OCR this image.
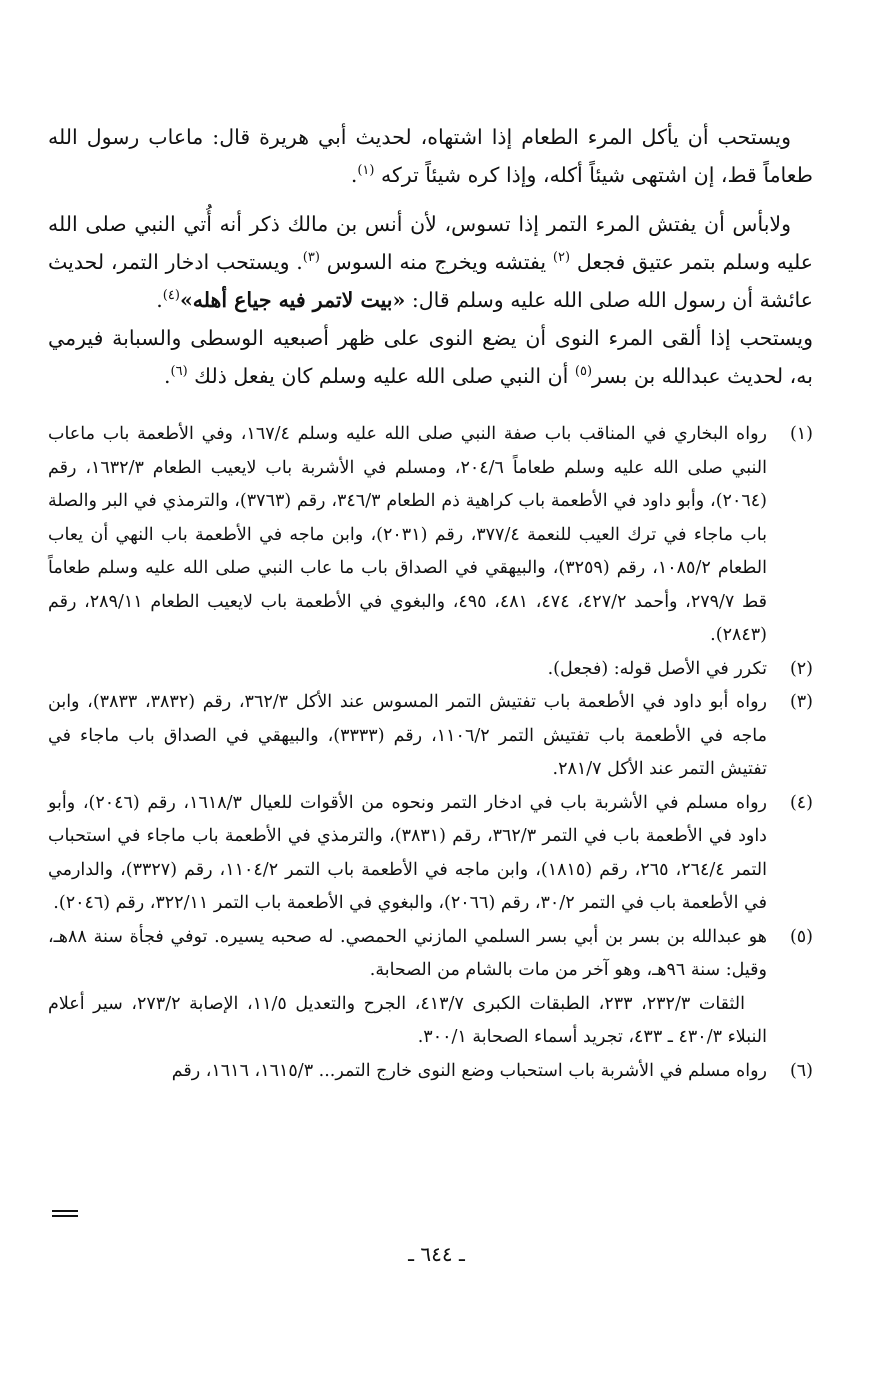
ويستحب أن يأكل المرء الطعام إذا اشتهاه، لحديث أبي هريرة قال: ماعاب رسول الله طعاماً قط، إن اشتهى شيئاً أكله، وإذا كره شيئاً تركه $^{(١)}$.

ولابأس أن يفتش المرء التمر إذا تسوس، لأن أنس بن مالك ذكر أنه أُتي النبي صلى الله عليه وسلم بتمر عتيق فجعل $^{(٢)}$ يفتشه ويخرج منه السوس $^{(٣)}$. ويستحب ادخار التمر، لحديث عائشة أن رسول الله صلى الله عليه وسلم قال: «بيت لاتمر فيه جياع أهله»$^{(٤)}$.
ويستحب إذا ألقى المرء النوى أن يضع النوى على ظهر أصبعيه الوسطى والسبابة فيرمي به، لحديث عبدالله بن بسر$^{(٥)}$ أن النبي صلى الله عليه وسلم كان يفعل ذلك $^{(٦)}$.

(١)
رواه البخاري في المناقب باب صفة النبي صلى الله عليه وسلم ١٦٧/٤، وفي الأطعمة باب ماعاب النبي صلى الله عليه وسلم طعاماً ٢٠٤/٦، ومسلم في الأشربة باب لايعيب الطعام ١٦٣٢/٣، رقم (٢٠٦٤)، وأبو داود في الأطعمة باب كراهية ذم الطعام ٣٤٦/٣، رقم (٣٧٦٣)، والترمذي في البر والصلة باب ماجاء في ترك العيب للنعمة ٣٧٧/٤، رقم (٢٠٣١)، وابن ماجه في الأطعمة باب النهي أن يعاب الطعام ١٠٨٥/٢، رقم (٣٢٥٩)، والبيهقي في الصداق باب ما عاب النبي صلى الله عليه وسلم طعاماً قط ٢٧٩/٧، وأحمد ٤٢٧/٢، ٤٧٤، ٤٨١، ٤٩٥، والبغوي في الأطعمة باب لايعيب الطعام ٢٨٩/١١، رقم (٢٨٤٣).
(٢)
تكرر في الأصل قوله: (فجعل).
(٣)
رواه أبو داود في الأطعمة باب تفتيش التمر المسوس عند الأكل ٣٦٢/٣، رقم (٣٨٣٢، ٣٨٣٣)، وابن ماجه في الأطعمة باب تفتيش التمر ١١٠٦/٢، رقم (٣٣٣٣)، والبيهقي في الصداق باب ماجاء في تفتيش التمر عند الأكل ٢٨١/٧.
(٤)
رواه مسلم في الأشربة باب في ادخار التمر ونحوه من الأقوات للعيال ١٦١٨/٣، رقم (٢٠٤٦)، وأبو داود في الأطعمة باب في التمر ٣٦٢/٣، رقم (٣٨٣١)، والترمذي في الأطعمة باب ماجاء في استحباب التمر ٢٦٤/٤، ٢٦٥، رقم (١٨١٥)، وابن ماجه في الأطعمة باب التمر ١١٠٤/٢، رقم (٣٣٢٧)، والدارمي في الأطعمة باب في التمر ٣٠/٢، رقم (٢٠٦٦)، والبغوي في الأطعمة باب التمر ٣٢٢/١١، رقم (٢٠٤٦).
(٥)
هو عبدالله بن بسر بن أبي بسر السلمي المازني الحمصي. له صحبه يسيره. توفي فجأة سنة ٨٨هـ، وقيل: سنة ٩٦هـ، وهو آخر من مات بالشام من الصحابة.
الثقات ٢٣٢/٣، ٢٣٣، الطبقات الكبرى ٤١٣/٧، الجرح والتعديل ١١/٥، الإصابة ٢٧٣/٢، سير أعلام النبلاء ٤٣٠/٣ ـ ٤٣٣، تجريد أسماء الصحابة ٣٠٠/١.
(٦)
رواه مسلم في الأشربة باب استحباب وضع النوى خارج التمر... ١٦١٥/٣، ١٦١٦، رقم
ـ ٦٤٤ ـ
